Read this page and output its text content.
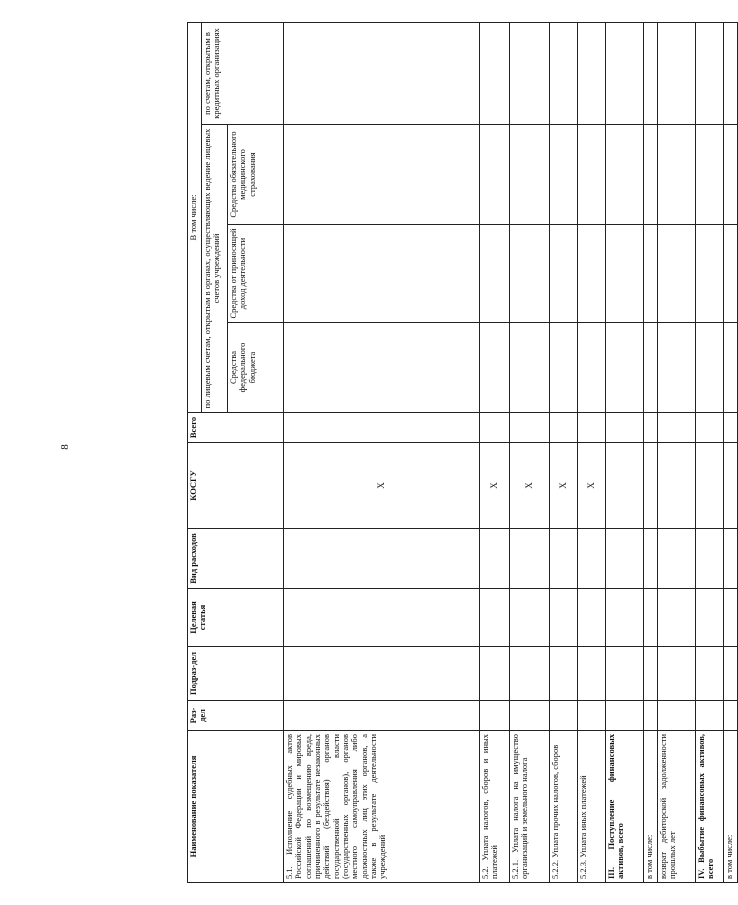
8
Наименование показателя	Раз-дел	Подраз-дел	Целевая статья	Вид расходов	КОСГУ	Всего	В том числе:			
							по лицевым счетам, открытым в органах, осуществляющих ведение лицевых счетов учреждений			по счетам, открытым в кредитных организациях
							Средства федерального бюджета	Средства от приносящей доход деятельности	Средства обязательного медицинского страхования	
5.1. Исполнение судебных актов Российской Федерации и мировых соглашений по возмещению вреда, причиненного в результате незаконных действий (бездействия) органов государственной власти (государственных органов), органов местного самоуправления либо должностных лиц этих органов, а также в результате деятельности учреждений					X					
5.2. Уплата налогов, сборов и иных платежей					X					
5.2.1. Уплата налога на имущество организаций и земельного налога					X					
5.2.2. Уплата прочих налогов, сборов					X					
5.2.3. Уплата иных платежей					X					
III. Поступление финансовых активов, всего										
в том числе:										
возврат дебиторской задолженности прошлых лет										
IV. Выбытие финансовых активов, всего										
в том числе:										
